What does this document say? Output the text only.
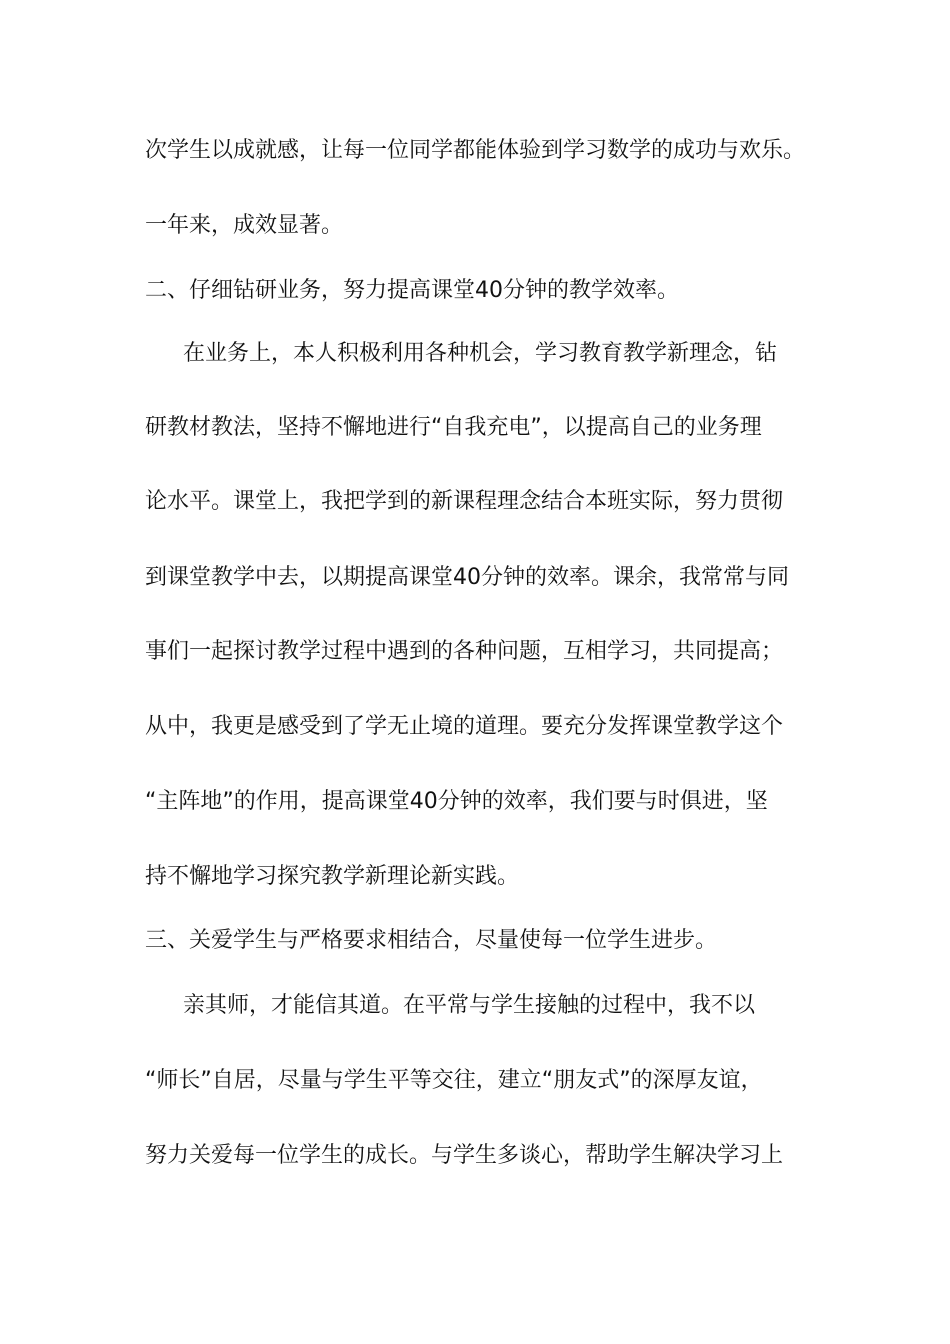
次学生以成就感，让每一位同学都能体验到学习数学的成功与欢乐。
一年来，成效显著。
二、仔细钻研业务，努力提高课堂40分钟的教学效率。
在业务上，本人积极利用各种机会，学习教育教学新理念，钻
研教材教法，坚持不懈地进行“自我充电”，以提高自己的业务理
论水平。课堂上，我把学到的新课程理念结合本班实际，努力贯彻
到课堂教学中去，以期提高课堂40分钟的效率。课余，我常常与同
事们一起探讨教学过程中遇到的各种问题，互相学习，共同提高；
从中，我更是感受到了学无止境的道理。要充分发挥课堂教学这个
“主阵地”的作用，提高课堂40分钟的效率，我们要与时俱进，坚
持不懈地学习探究教学新理论新实践。
三、关爱学生与严格要求相结合，尽量使每一位学生进步。
亲其师，才能信其道。在平常与学生接触的过程中，我不以
“师长”自居，尽量与学生平等交往，建立“朋友式”的深厚友谊，
努力关爱每一位学生的成长。与学生多谈心，帮助学生解决学习上
